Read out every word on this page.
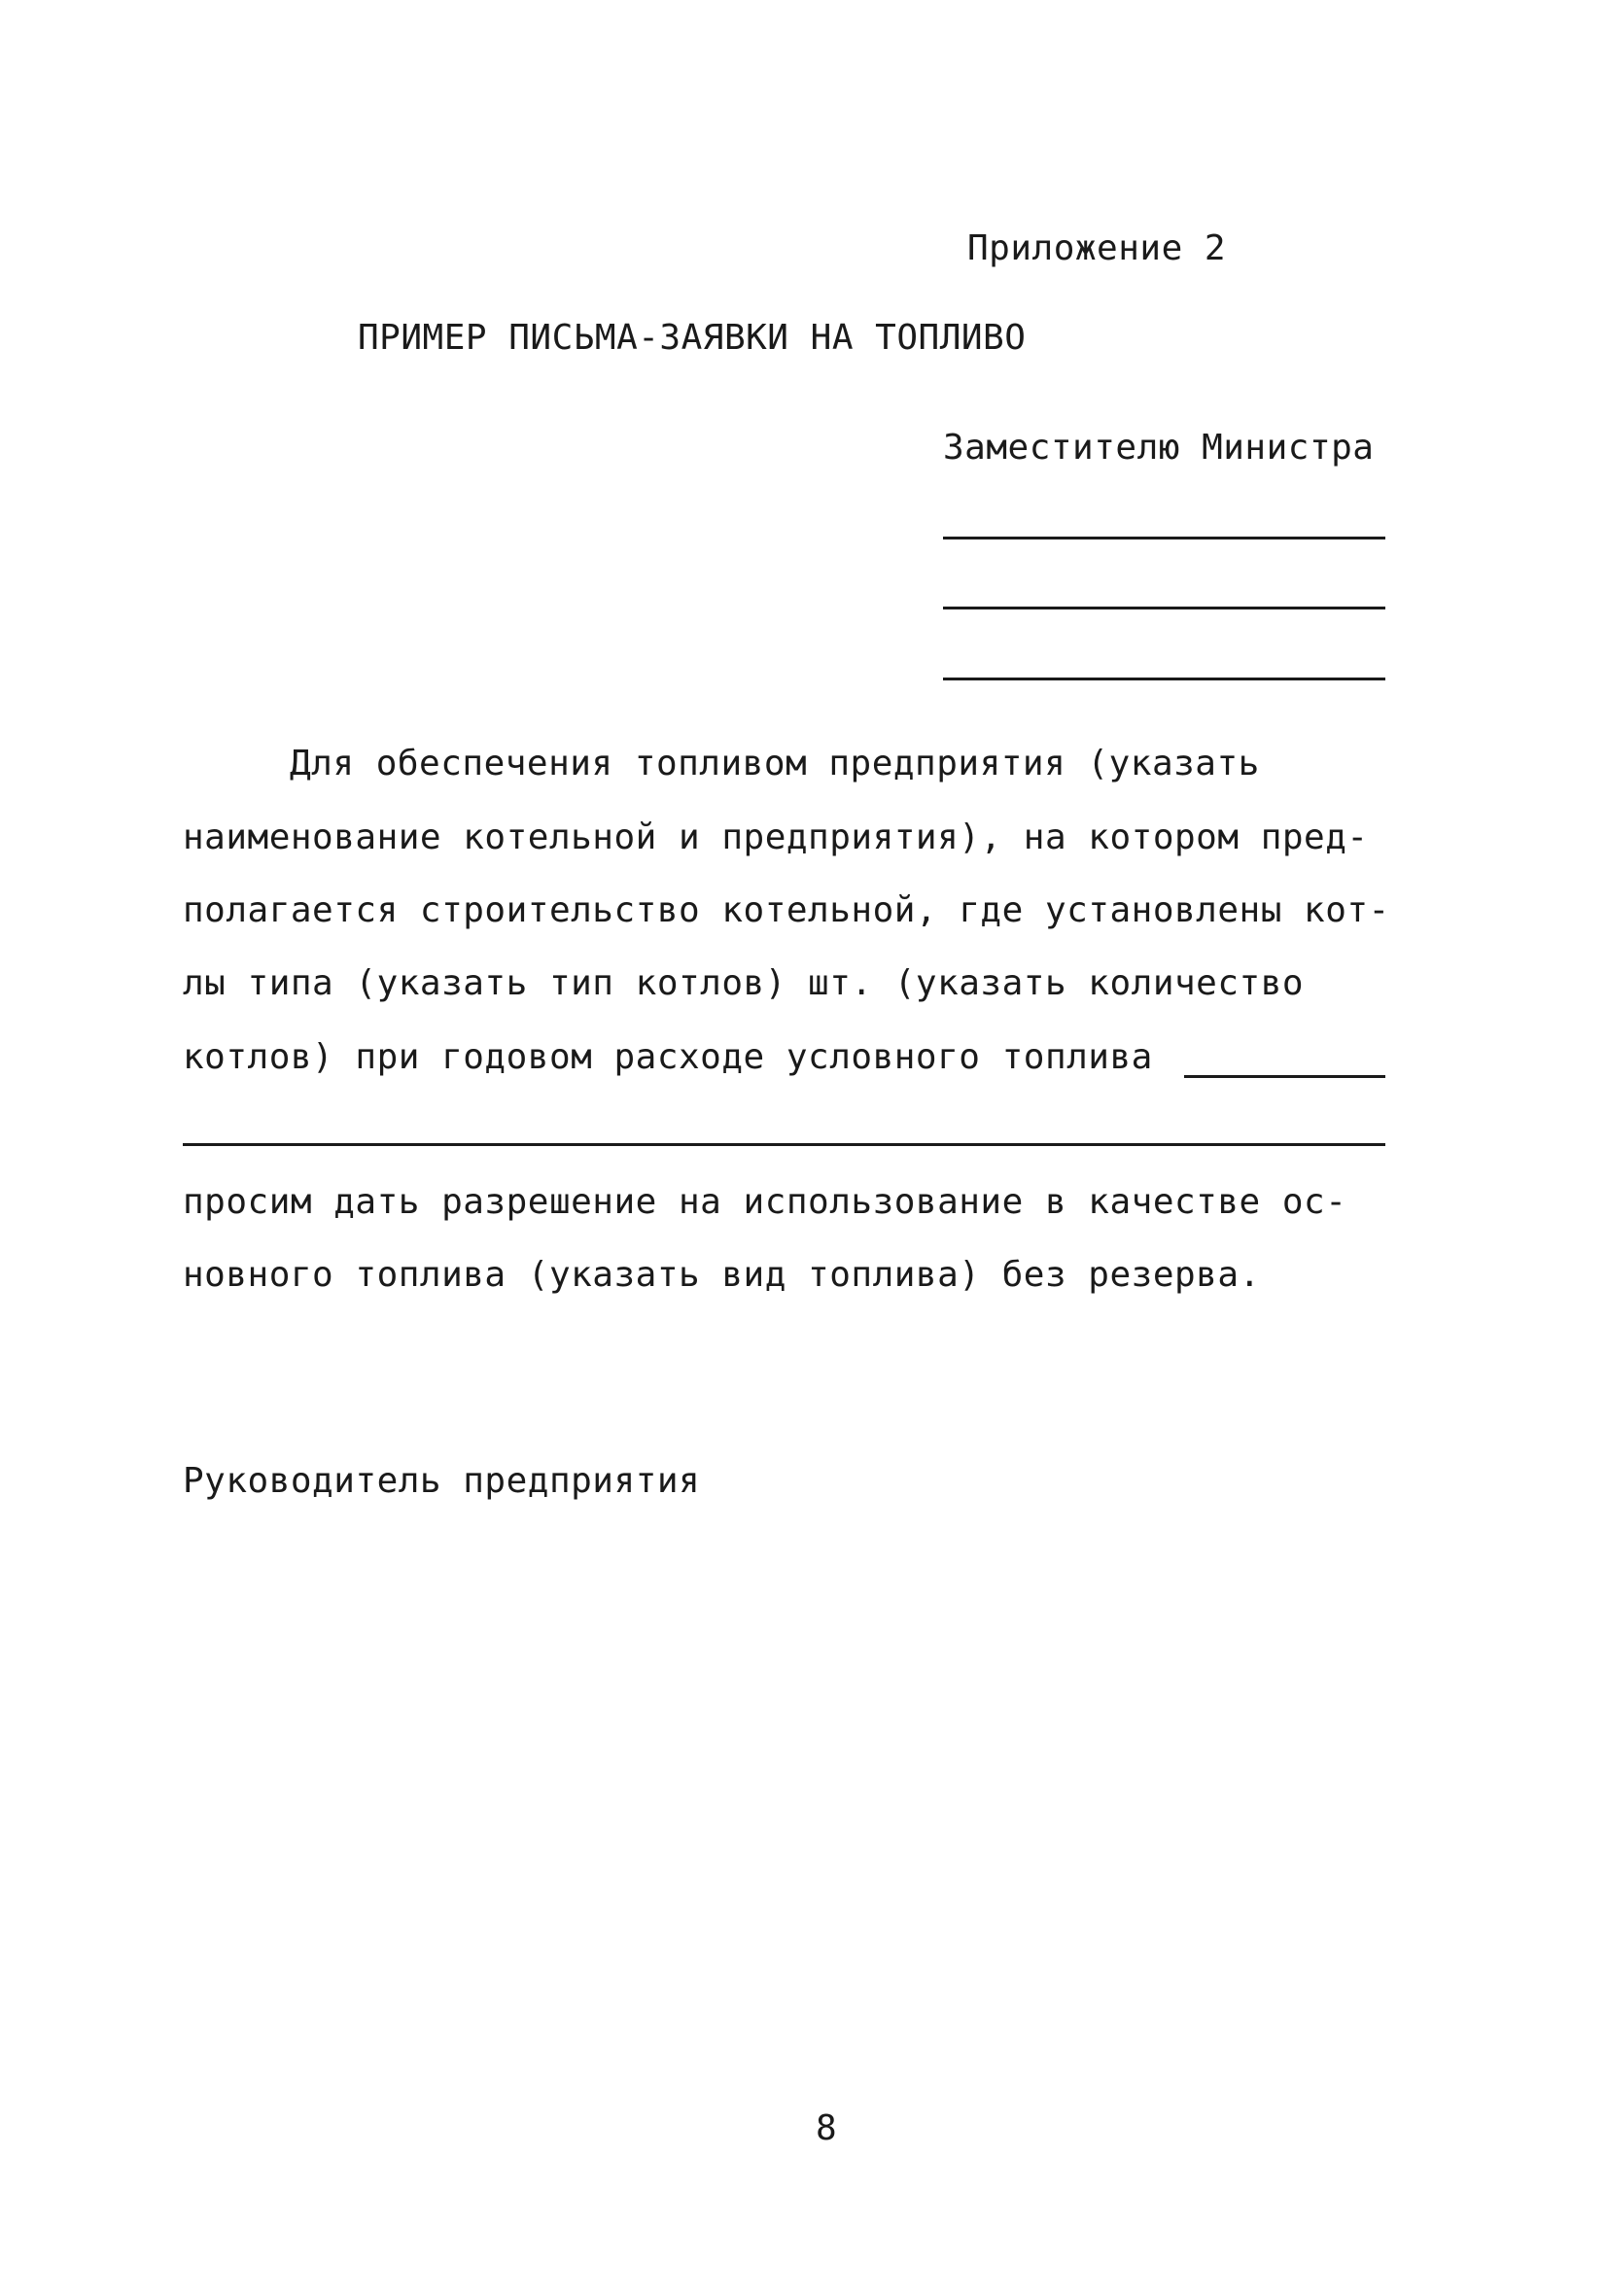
Приложение 2
ПРИМЕР ПИСЬМА-ЗАЯВКИ НА ТОПЛИВО
Заместителю Министра
Для обеспечения топливом предприятия (указать
наименование котельной и предприятия), на котором пред-
полагается строительство котельной, где установлены кот-
лы типа (указать тип котлов) шт. (указать количество
котлов) при годовом расходе условного топлива
просим дать разрешение на использование в качестве ос-
новного топлива (указать вид топлива) без резерва.
Руководитель предприятия
8
